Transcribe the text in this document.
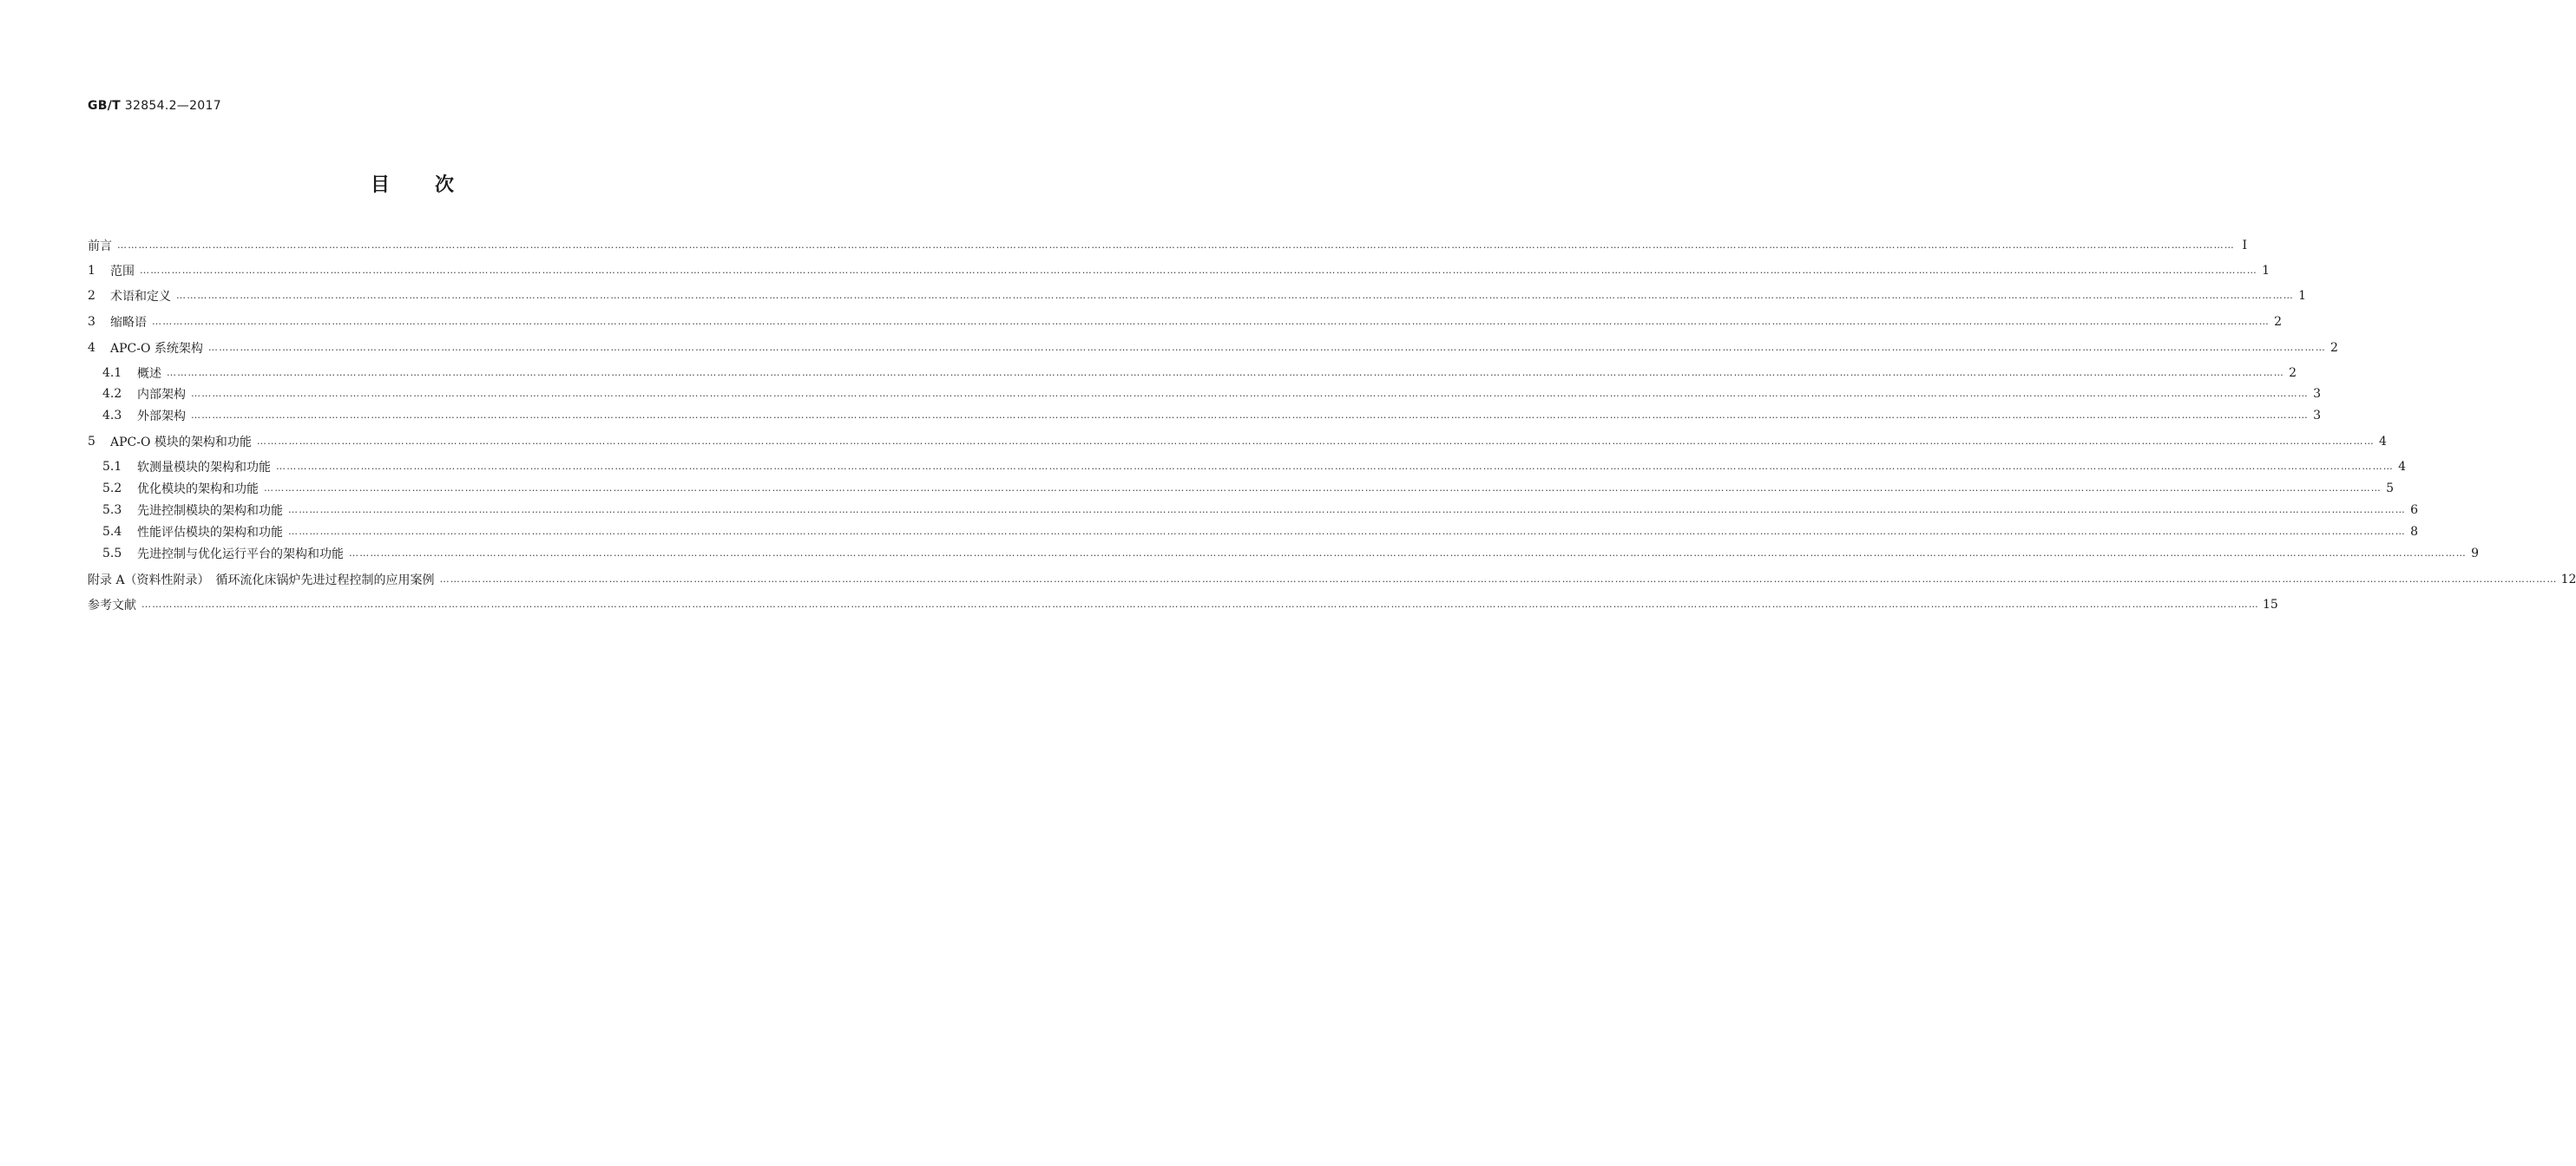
GB/T 32854.2—2017
目 次
前言 …………………………………………………………………………………………………………………………………………………………………………………………………………………………………………………………………………………………………………………………………………………………………………………………………………………………………………………………………………………………………………………………………………………… Ⅰ
1	范围 …………………………………………………………………………………………………………………………………………………………………………………………………………………………………………………………………………………………………………………………………………………………………………………………………………………………………………………………………………………………………………………………………………………… 1
2	术语和定义 …………………………………………………………………………………………………………………………………………………………………………………………………………………………………………………………………………………………………………………………………………………………………………………………………………………………………………………………………………………………………………………………………………………… 1
3	缩略语 …………………………………………………………………………………………………………………………………………………………………………………………………………………………………………………………………………………………………………………………………………………………………………………………………………………………………………………………………………………………………………………………………………………… 2
4	APC-O 系统架构 …………………………………………………………………………………………………………………………………………………………………………………………………………………………………………………………………………………………………………………………………………………………………………………………………………………………………………………………………………………………………………………………………………………… 2
4.1	概述 …………………………………………………………………………………………………………………………………………………………………………………………………………………………………………………………………………………………………………………………………………………………………………………………………………………………………………………………………………………………………………………………………………………… 2
4.2	内部架构 …………………………………………………………………………………………………………………………………………………………………………………………………………………………………………………………………………………………………………………………………………………………………………………………………………………………………………………………………………………………………………………………………………………… 3
4.3	外部架构 …………………………………………………………………………………………………………………………………………………………………………………………………………………………………………………………………………………………………………………………………………………………………………………………………………………………………………………………………………………………………………………………………………………… 3
5	APC-O 模块的架构和功能 …………………………………………………………………………………………………………………………………………………………………………………………………………………………………………………………………………………………………………………………………………………………………………………………………………………………………………………………………………………………………………………………………………………… 4
5.1	软测量模块的架构和功能 …………………………………………………………………………………………………………………………………………………………………………………………………………………………………………………………………………………………………………………………………………………………………………………………………………………………………………………………………………………………………………………………………………………… 4
5.2	优化模块的架构和功能 …………………………………………………………………………………………………………………………………………………………………………………………………………………………………………………………………………………………………………………………………………………………………………………………………………………………………………………………………………………………………………………………………………………… 5
5.3	先进控制模块的架构和功能 …………………………………………………………………………………………………………………………………………………………………………………………………………………………………………………………………………………………………………………………………………………………………………………………………………………………………………………………………………………………………………………………………………………… 6
5.4	性能评估模块的架构和功能 …………………………………………………………………………………………………………………………………………………………………………………………………………………………………………………………………………………………………………………………………………………………………………………………………………………………………………………………………………………………………………………………………………………… 8
5.5	先进控制与优化运行平台的架构和功能 …………………………………………………………………………………………………………………………………………………………………………………………………………………………………………………………………………………………………………………………………………………………………………………………………………………………………………………………………………………………………………………………………………………… 9
附录 A（资料性附录）　循环流化床锅炉先进过程控制的应用案例 …………………………………………………………………………………………………………………………………………………………………………………………………………………………………………………………………………………………………………………………………………………………………………………………………………………………………………………………………………………………………………………………………………………… 12
参考文献 …………………………………………………………………………………………………………………………………………………………………………………………………………………………………………………………………………………………………………………………………………………………………………………………………………………………………………………………………………………………………………………………………………………… 15
